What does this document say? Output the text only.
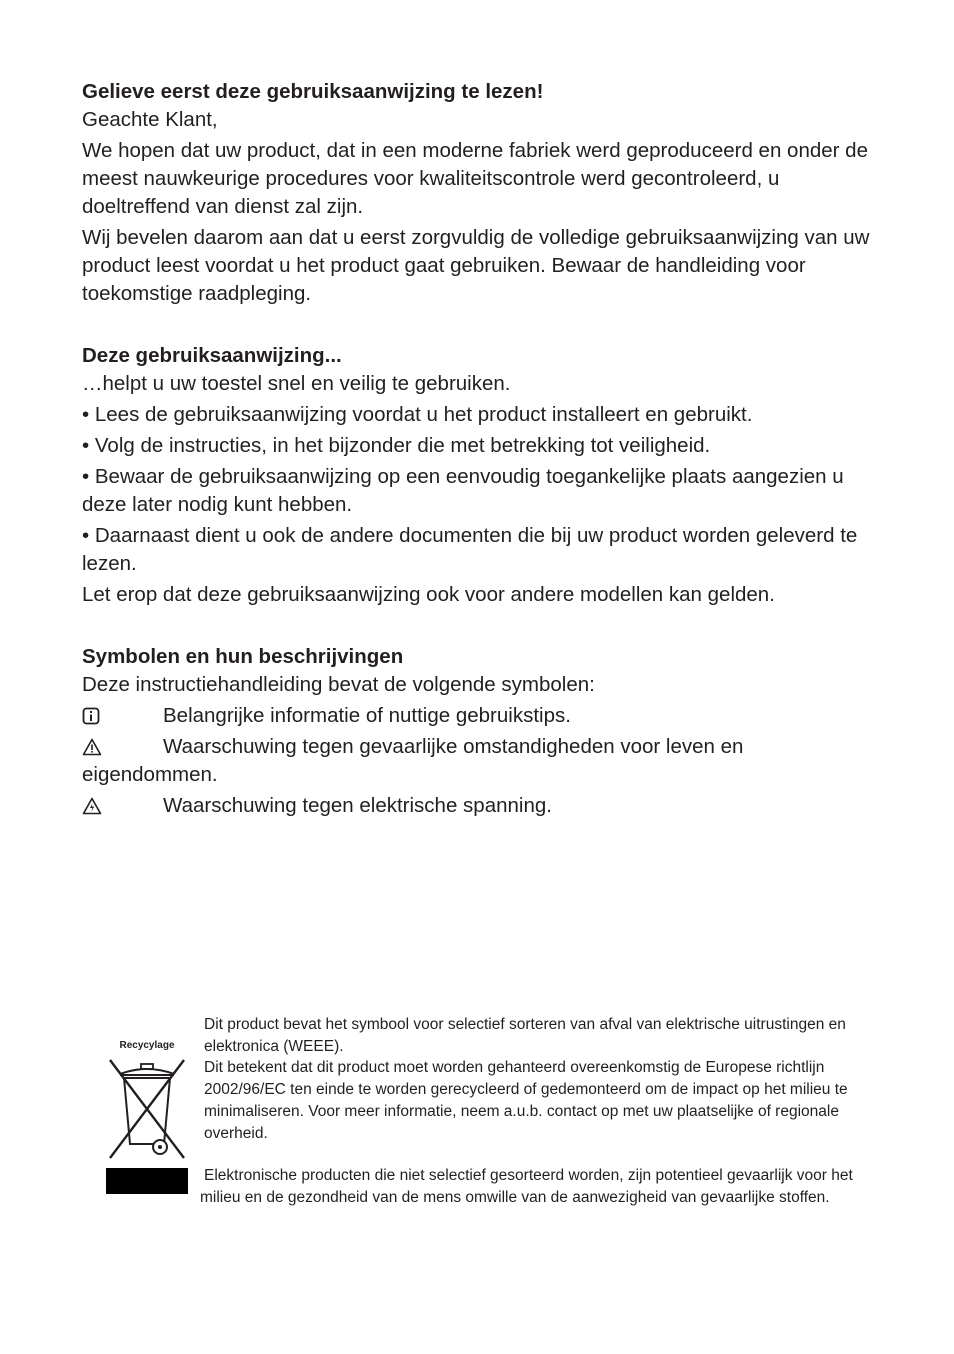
Gelieve eerst deze gebruiksaanwijzing te lezen!

Geachte Klant,

We hopen dat uw product, dat in een moderne fabriek werd geproduceerd en onder de meest nauwkeurige procedures voor kwaliteitscontrole werd gecontroleerd, u doeltreffend van dienst zal zijn.

Wij bevelen daarom aan dat u eerst zorgvuldig de volledige gebruiksaanwijzing van uw product leest voordat u het product gaat gebruiken. Bewaar de handleiding voor toekomstige raadpleging.

Deze gebruiksaanwijzing...

…helpt u uw toestel snel en veilig te gebruiken.

• Lees de gebruiksaanwijzing voordat u het product installeert en gebruikt.

• Volg de instructies, in het bijzonder die met betrekking tot veiligheid.

• Bewaar de gebruiksaanwijzing op een eenvoudig toegankelijke plaats aangezien u deze later nodig kunt hebben.

• Daarnaast dient u ook de andere documenten die bij uw product worden geleverd te lezen.

Let erop dat deze gebruiksaanwijzing ook voor andere modellen kan gelden.

Symbolen en hun beschrijvingen

Deze instructiehandleiding bevat de volgende symbolen:

Belangrijke informatie of nuttige gebruikstips.

Waarschuwing tegen gevaarlijke omstandigheden voor leven en eigendommen.

Waarschuwing tegen elektrische spanning.
Recycylage

Dit product bevat het symbool voor selectief sorteren van afval van elektrische uitrustingen en elektronica (WEEE).

Dit betekent dat dit product moet worden gehanteerd overeenkomstig de Europese richtlijn 2002/96/EC ten einde te worden gerecycleerd of gedemonteerd om de impact op het milieu te minimaliseren. Voor meer informatie, neem a.u.b. contact op met uw plaatselijke of regionale overheid.

Elektronische producten die niet selectief gesorteerd worden, zijn potentieel gevaarlijk voor het milieu en de gezondheid van de mens omwille van de aanwezigheid van gevaarlijke stoffen.
